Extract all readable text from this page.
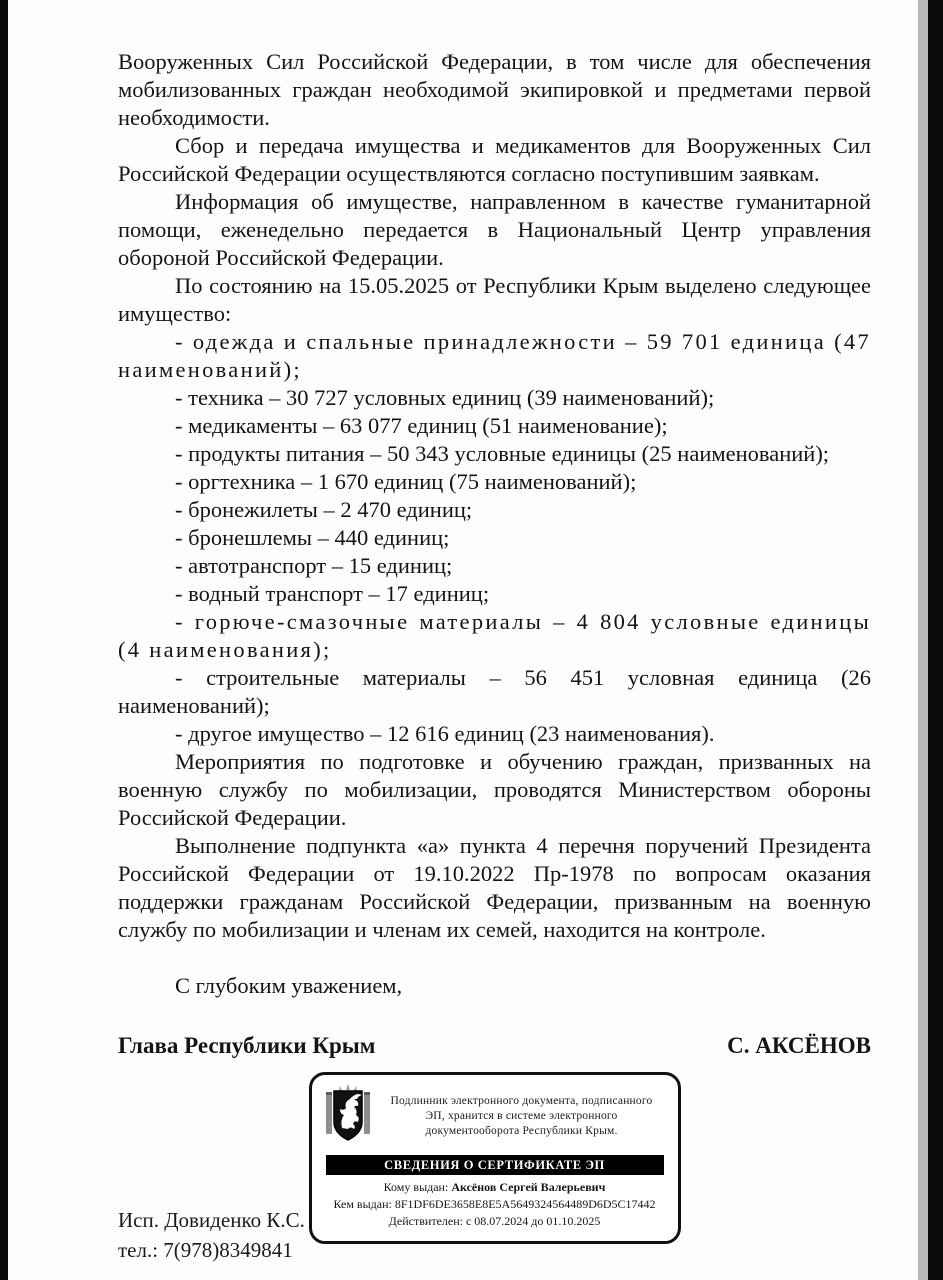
Вооруженных Сил Российской Федерации, в том числе для обеспечения мобилизованных граждан необходимой экипировкой и предметами первой необходимости.

Сбор и передача имущества и медикаментов для Вооруженных Сил Российской Федерации осуществляются согласно поступившим заявкам.

Информация об имуществе, направленном в качестве гуманитарной помощи, еженедельно передается в Национальный Центр управления обороной Российской Федерации.

По состоянию на 15.05.2025 от Республики Крым выделено следующее имущество:

- одежда и спальные принадлежности – 59 701 единица (47 наименований);

- техника – 30 727 условных единиц (39 наименований);

- медикаменты – 63 077 единиц (51 наименование);

- продукты питания – 50 343 условные единицы (25 наименований);

- оргтехника – 1 670 единиц (75 наименований);

- бронежилеты – 2 470 единиц;

- бронешлемы – 440 единиц;

- автотранспорт – 15 единиц;

- водный транспорт – 17 единиц;

- горюче-смазочные материалы – 4 804 условные единицы (4 наименования);

- строительные материалы – 56 451 условная единица (26 наименований);

- другое имущество – 12 616 единиц (23 наименования).

Мероприятия по подготовке и обучению граждан, призванных на военную службу по мобилизации, проводятся Министерством обороны Российской Федерации.

Выполнение подпункта «а» пункта 4 перечня поручений Президента Российской Федерации от 19.10.2022 Пр-1978 по вопросам оказания поддержки гражданам Российской Федерации, призванным на военную службу по мобилизации и членам их семей, находится на контроле.

С глубоким уважением,

Глава Республики Крым	С. АКСЁНОВ
Подлинник электронного документа, подписанного ЭП, хранится в системе электронного документооборота Республики Крым.
СВЕДЕНИЯ О СЕРТИФИКАТЕ ЭП
Кому выдан: Аксёнов Сергей Валерьевич
Кем выдан: 8F1DF6DE3658E8E5A5649324564489D6D5C17442
Действителен: с 08.07.2024 до 01.10.2025
Исп. Довиденко К.С.
тел.: 7(978)8349841
